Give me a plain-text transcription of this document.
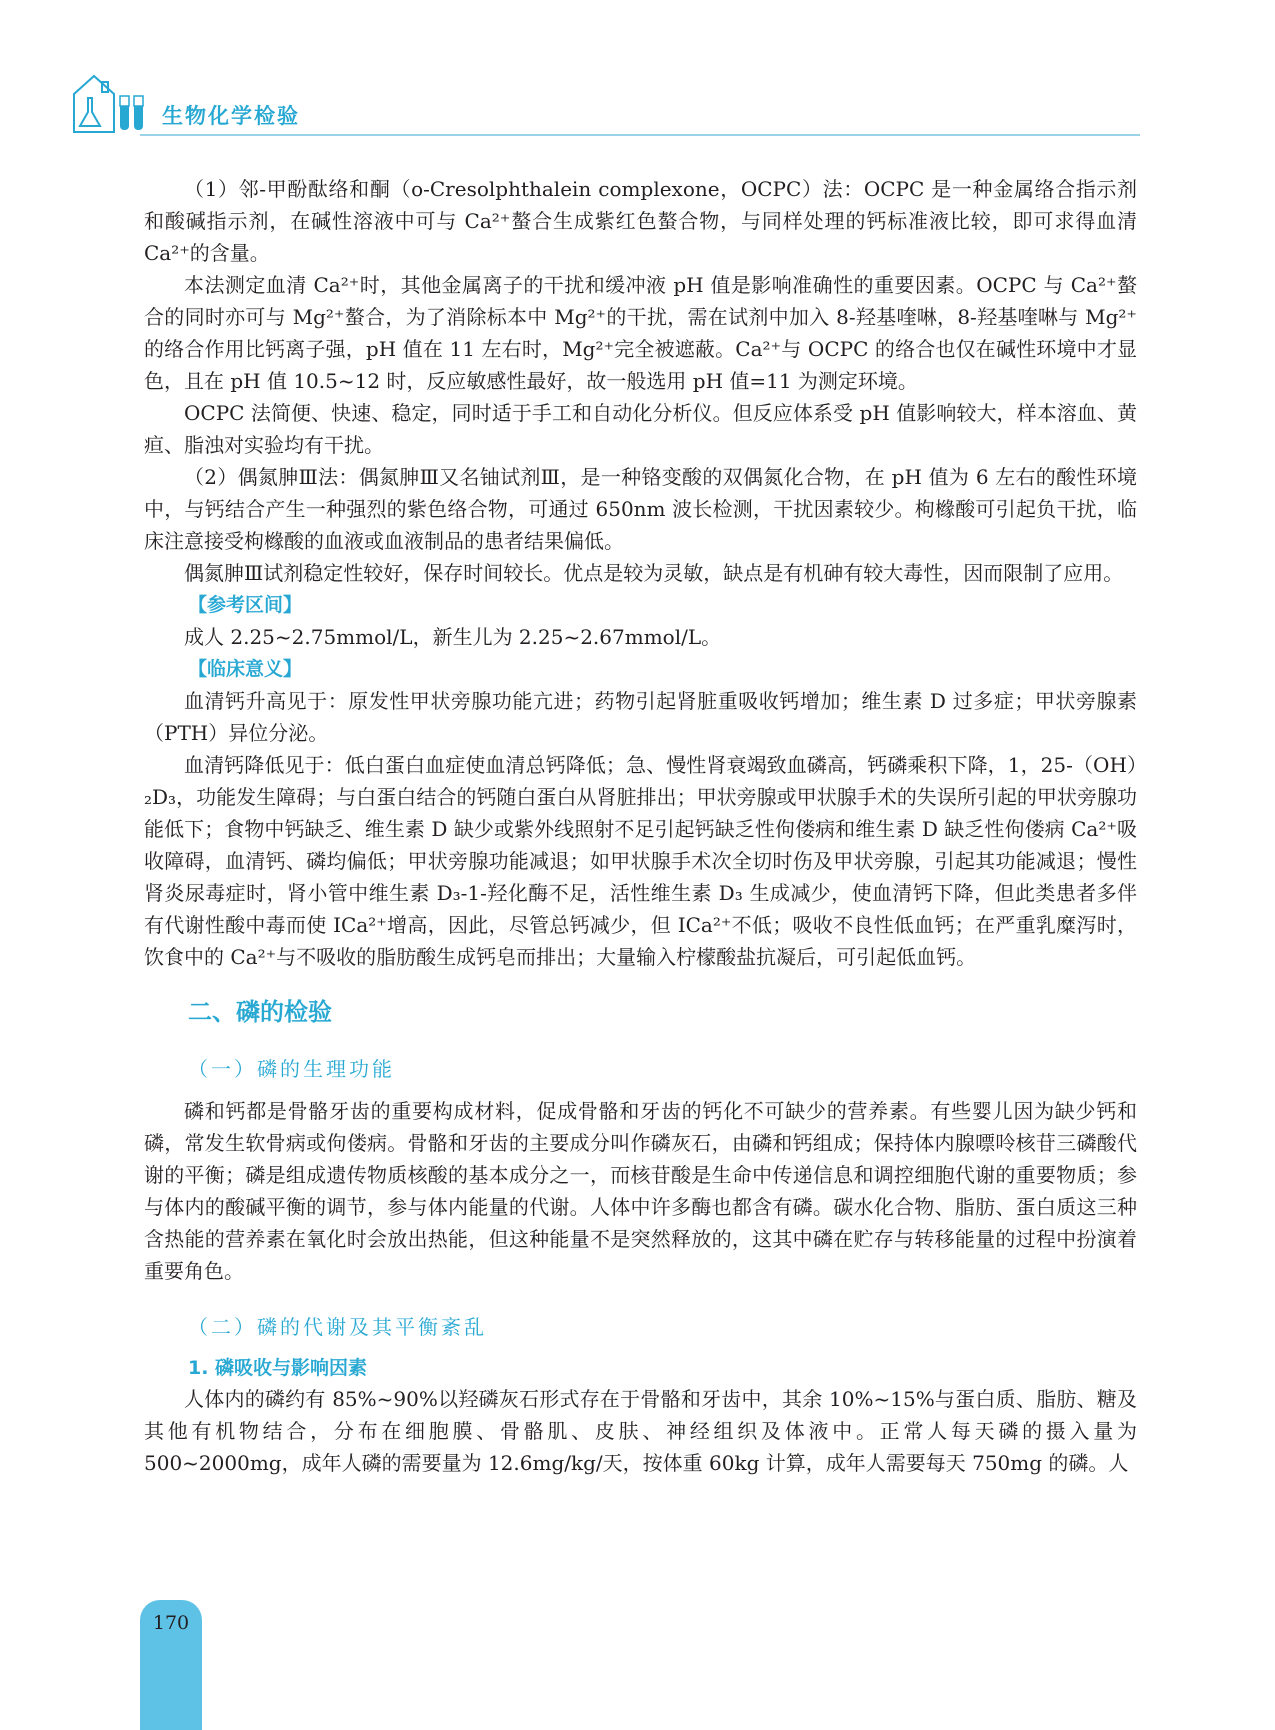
生物化学检验

（1）邻-甲酚酞络和酮（o-Cresolphthalein complexone，OCPC）法：OCPC 是一种金属络合指示剂和酸碱指示剂，在碱性溶液中可与 Ca²⁺螯合生成紫红色螯合物，与同样处理的钙标准液比较，即可求得血清 Ca²⁺的含量。

本法测定血清 Ca²⁺时，其他金属离子的干扰和缓冲液 pH 值是影响准确性的重要因素。OCPC 与 Ca²⁺螯合的同时亦可与 Mg²⁺螯合，为了消除标本中 Mg²⁺的干扰，需在试剂中加入 8-羟基喹啉，8-羟基喹啉与 Mg²⁺的络合作用比钙离子强，pH 值在 11 左右时，Mg²⁺完全被遮蔽。Ca²⁺与 OCPC 的络合也仅在碱性环境中才显色，且在 pH 值 10.5~12 时，反应敏感性最好，故一般选用 pH 值=11 为测定环境。

OCPC 法简便、快速、稳定，同时适于手工和自动化分析仪。但反应体系受 pH 值影响较大，样本溶血、黄疸、脂浊对实验均有干扰。

（2）偶氮胂Ⅲ法：偶氮胂Ⅲ又名铀试剂Ⅲ，是一种铬变酸的双偶氮化合物，在 pH 值为 6 左右的酸性环境中，与钙结合产生一种强烈的紫色络合物，可通过 650nm 波长检测，干扰因素较少。枸橼酸可引起负干扰，临床注意接受枸橼酸的血液或血液制品的患者结果偏低。

偶氮胂Ⅲ试剂稳定性较好，保存时间较长。优点是较为灵敏，缺点是有机砷有较大毒性，因而限制了应用。

【参考区间】

成人 2.25~2.75mmol/L，新生儿为 2.25~2.67mmol/L。

【临床意义】

血清钙升高见于：原发性甲状旁腺功能亢进；药物引起肾脏重吸收钙增加；维生素 D 过多症；甲状旁腺素（PTH）异位分泌。

血清钙降低见于：低白蛋白血症使血清总钙降低；急、慢性肾衰竭致血磷高，钙磷乘积下降，1，25-（OH）₂D₃，功能发生障碍；与白蛋白结合的钙随白蛋白从肾脏排出；甲状旁腺或甲状腺手术的失误所引起的甲状旁腺功能低下；食物中钙缺乏、维生素 D 缺少或紫外线照射不足引起钙缺乏性佝偻病和维生素 D 缺乏性佝偻病 Ca²⁺吸收障碍，血清钙、磷均偏低；甲状旁腺功能减退；如甲状腺手术次全切时伤及甲状旁腺，引起其功能减退；慢性肾炎尿毒症时，肾小管中维生素 D₃-1-羟化酶不足，活性维生素 D₃ 生成减少，使血清钙下降，但此类患者多伴有代谢性酸中毒而使 ICa²⁺增高，因此，尽管总钙减少，但 ICa²⁺不低；吸收不良性低血钙；在严重乳糜泻时，饮食中的 Ca²⁺与不吸收的脂肪酸生成钙皂而排出；大量输入柠檬酸盐抗凝后，可引起低血钙。

二、磷的检验
（一）磷的生理功能

磷和钙都是骨骼牙齿的重要构成材料，促成骨骼和牙齿的钙化不可缺少的营养素。有些婴儿因为缺少钙和磷，常发生软骨病或佝偻病。骨骼和牙齿的主要成分叫作磷灰石，由磷和钙组成；保持体内腺嘌呤核苷三磷酸代谢的平衡；磷是组成遗传物质核酸的基本成分之一，而核苷酸是生命中传递信息和调控细胞代谢的重要物质；参与体内的酸碱平衡的调节，参与体内能量的代谢。人体中许多酶也都含有磷。碳水化合物、脂肪、蛋白质这三种含热能的营养素在氧化时会放出热能，但这种能量不是突然释放的，这其中磷在贮存与转移能量的过程中扮演着重要角色。

（二）磷的代谢及其平衡紊乱
1. 磷吸收与影响因素

人体内的磷约有 85%~90%以羟磷灰石形式存在于骨骼和牙齿中，其余 10%~15%与蛋白质、脂肪、糖及其他有机物结合，分布在细胞膜、骨骼肌、皮肤、神经组织及体液中。正常人每天磷的摄入量为 500~2000mg，成年人磷的需要量为 12.6mg/kg/天，按体重 60kg 计算，成年人需要每天 750mg 的磷。人

170
